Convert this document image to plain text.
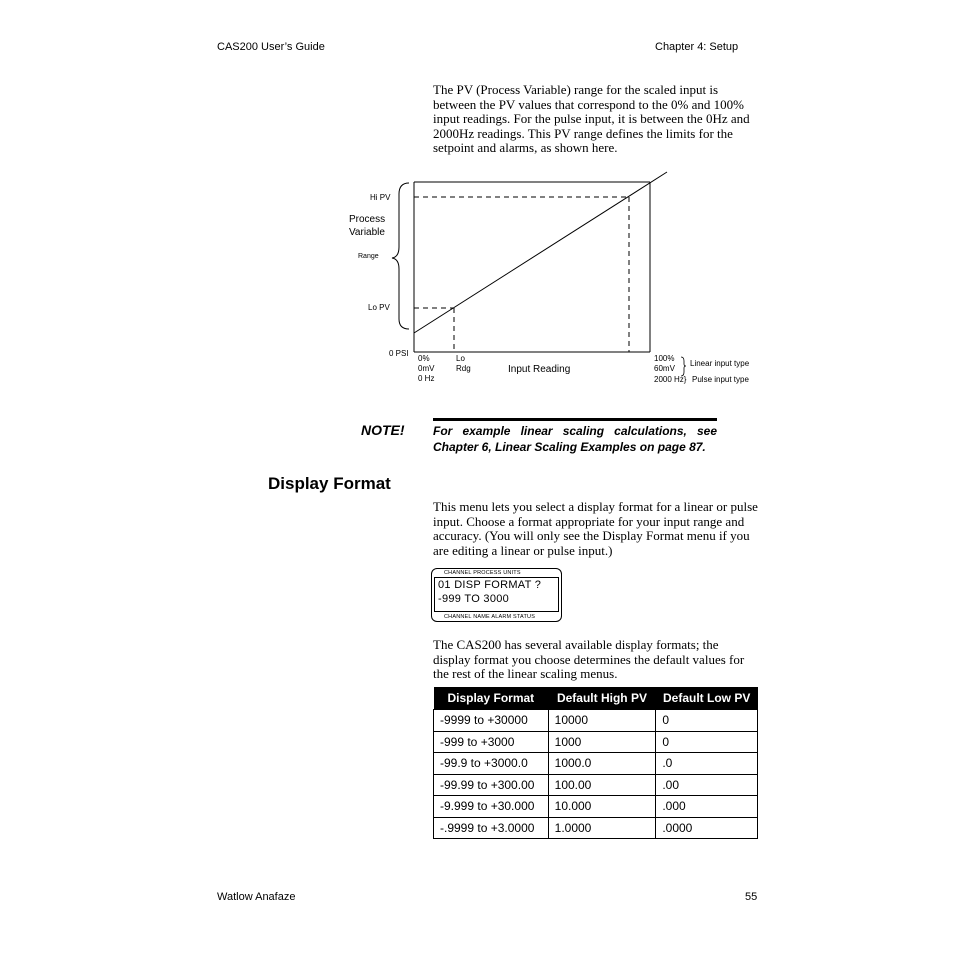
CAS200 User’s Guide	Chapter 4: Setup
The PV (Process Variable) range for the scaled input is between the PV values that correspond to the 0% and 100% input readings. For the pulse input, it is between the 0Hz and 2000Hz readings. This PV range defines the limits for the setpoint and alarms, as shown here.
Hi PV
Process
Variable
Range
Lo PV
0 PSI
0%
0mV
0 Hz
Lo
Rdg	Input Reading
100%
60mV
2000 Hz}
Linear input type
Pulse input type
NOTE! For example linear scaling calculations, see
Chapter 6, Linear Scaling Examples on page 87.
Display Format
This menu lets you select a display format for a linear or pulse input. Choose a format appropriate for your input range and accuracy. (You will only see the Display Format menu if you are editing a linear or pulse input.)
CHANNEL PROCESS UNITS
01 DISP FORMAT ?
-999 TO 3000
CHANNEL NAME ALARM STATUS
The CAS200 has several available display formats; the display format you choose determines the default values for the rest of the linear scaling menus.
Display Format	Default High PV	Default Low PV
-9999 to +30000	10000	0
-999 to +3000	1000	0
-99.9 to +3000.0	1000.0	.0
-99.99 to +300.00	100.00	.00
-9.999 to +30.000	10.000	.000
-.9999 to +3.0000	1.0000	.0000
Watlow Anafaze	55
